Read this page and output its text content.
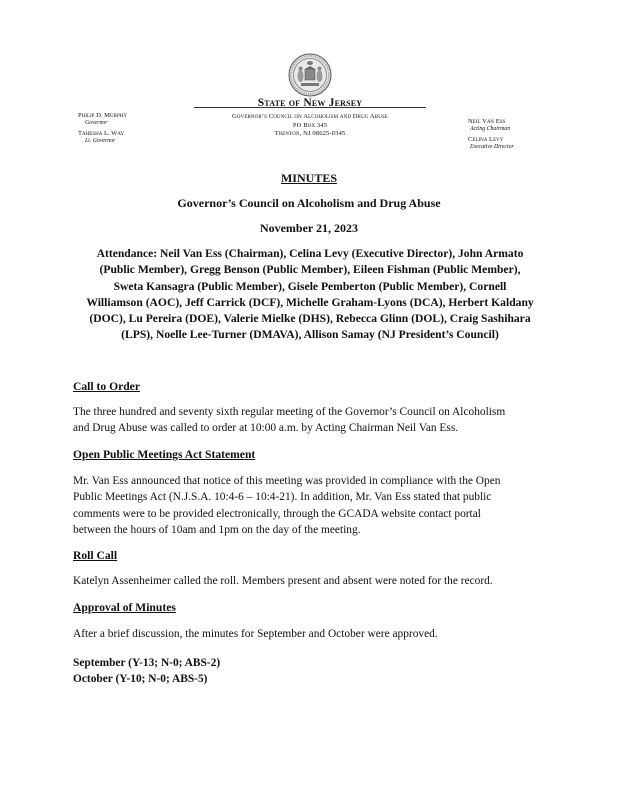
State of New Jersey

Governor’s Council on Alcoholism and Drug Abuse

PO Box 345

Trenton, NJ 08625-0345

Philip D. Murphy

Governor

Tahesha L. Way

Lt. Governor

Neil Van Ess

Acting Chairman

Celina Levy

Executive Director

MINUTES

Governor’s Council on Alcoholism and Drug Abuse

November 21, 2023

Attendance: Neil Van Ess (Chairman), Celina Levy (Executive Director), John Armato
(Public Member), Gregg Benson (Public Member), Eileen Fishman (Public Member),
Sweta Kansagra (Public Member), Gisele Pemberton (Public Member), Cornell
Williamson (AOC), Jeff Carrick (DCF), Michelle Graham-Lyons (DCA), Herbert Kaldany
(DOC), Lu Pereira (DOE), Valerie Mielke (DHS), Rebecca Glinn (DOL), Craig Sashihara
(LPS), Noelle Lee-Turner (DMAVA), Allison Samay (NJ President’s Council)

Call to Order

The three hundred and seventy sixth regular meeting of the Governor’s Council on Alcoholism
and Drug Abuse was called to order at 10:00 a.m. by Acting Chairman Neil Van Ess.

Open Public Meetings Act Statement

Mr. Van Ess announced that notice of this meeting was provided in compliance with the Open
Public Meetings Act (N.J.S.A. 10:4-6 – 10:4-21). In addition, Mr. Van Ess stated that public
comments were to be provided electronically, through the GCADA website contact portal
between the hours of 10am and 1pm on the day of the meeting.

Roll Call

Katelyn Assenheimer called the roll. Members present and absent were noted for the record.

Approval of Minutes

After a brief discussion, the minutes for September and October were approved.

September (Y-13; N-0; ABS-2)
October (Y-10; N-0; ABS-5)
